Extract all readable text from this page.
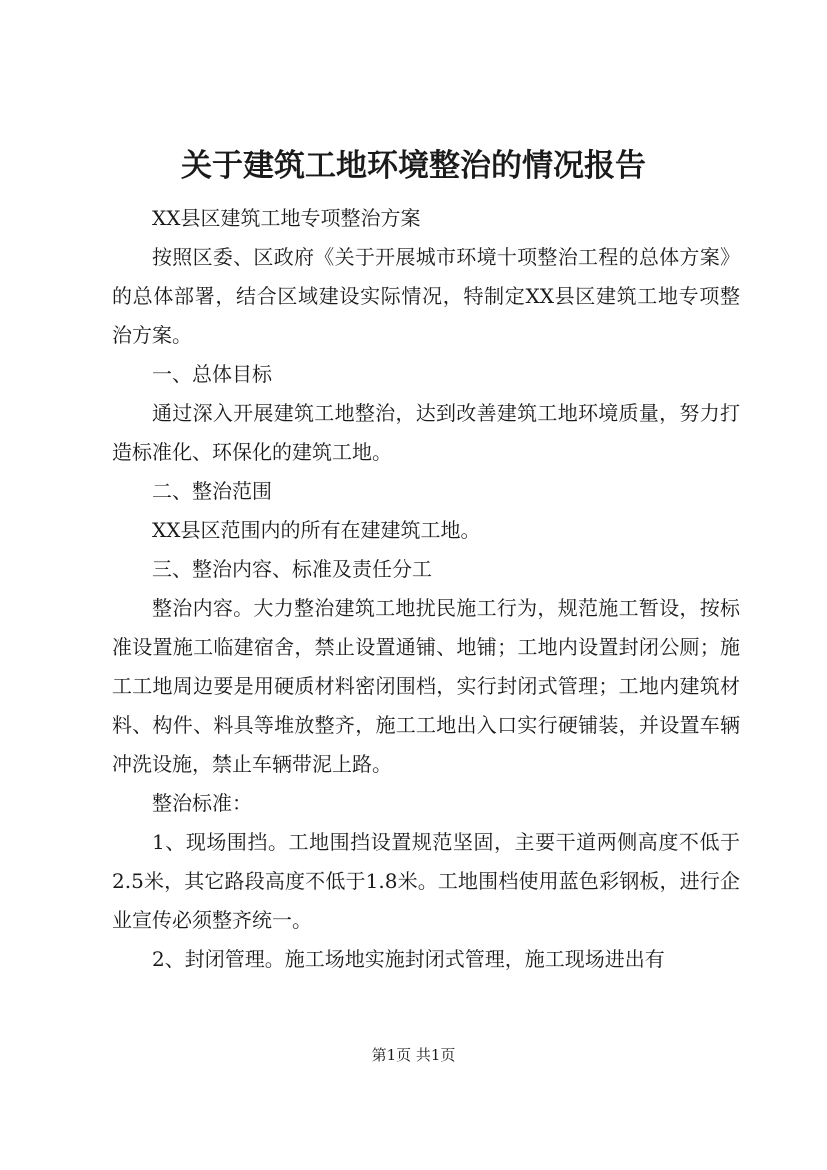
关于建筑工地环境整治的情况报告

XX县区建筑工地专项整治方案

按照区委、区政府《关于开展城市环境十项整治工程的总体方案》的总体部署，结合区域建设实际情况，特制定XX县区建筑工地专项整治方案。

一、总体目标

通过深入开展建筑工地整治，达到改善建筑工地环境质量，努力打造标准化、环保化的建筑工地。

二、整治范围

XX县区范围内的所有在建建筑工地。

三、整治内容、标准及责任分工

整治内容。大力整治建筑工地扰民施工行为，规范施工暂设，按标准设置施工临建宿舍，禁止设置通铺、地铺；工地内设置封闭公厕；施工工地周边要是用硬质材料密闭围档，实行封闭式管理；工地内建筑材料、构件、料具等堆放整齐，施工工地出入口实行硬铺装，并设置车辆冲洗设施，禁止车辆带泥上路。

整治标准：

1、现场围挡。工地围挡设置规范坚固，主要干道两侧高度不低于2.5米，其它路段高度不低于1.8米。工地围档使用蓝色彩钢板，进行企业宣传必须整齐统一。

2、封闭管理。施工场地实施封闭式管理，施工现场进出有

第1页 共1页
